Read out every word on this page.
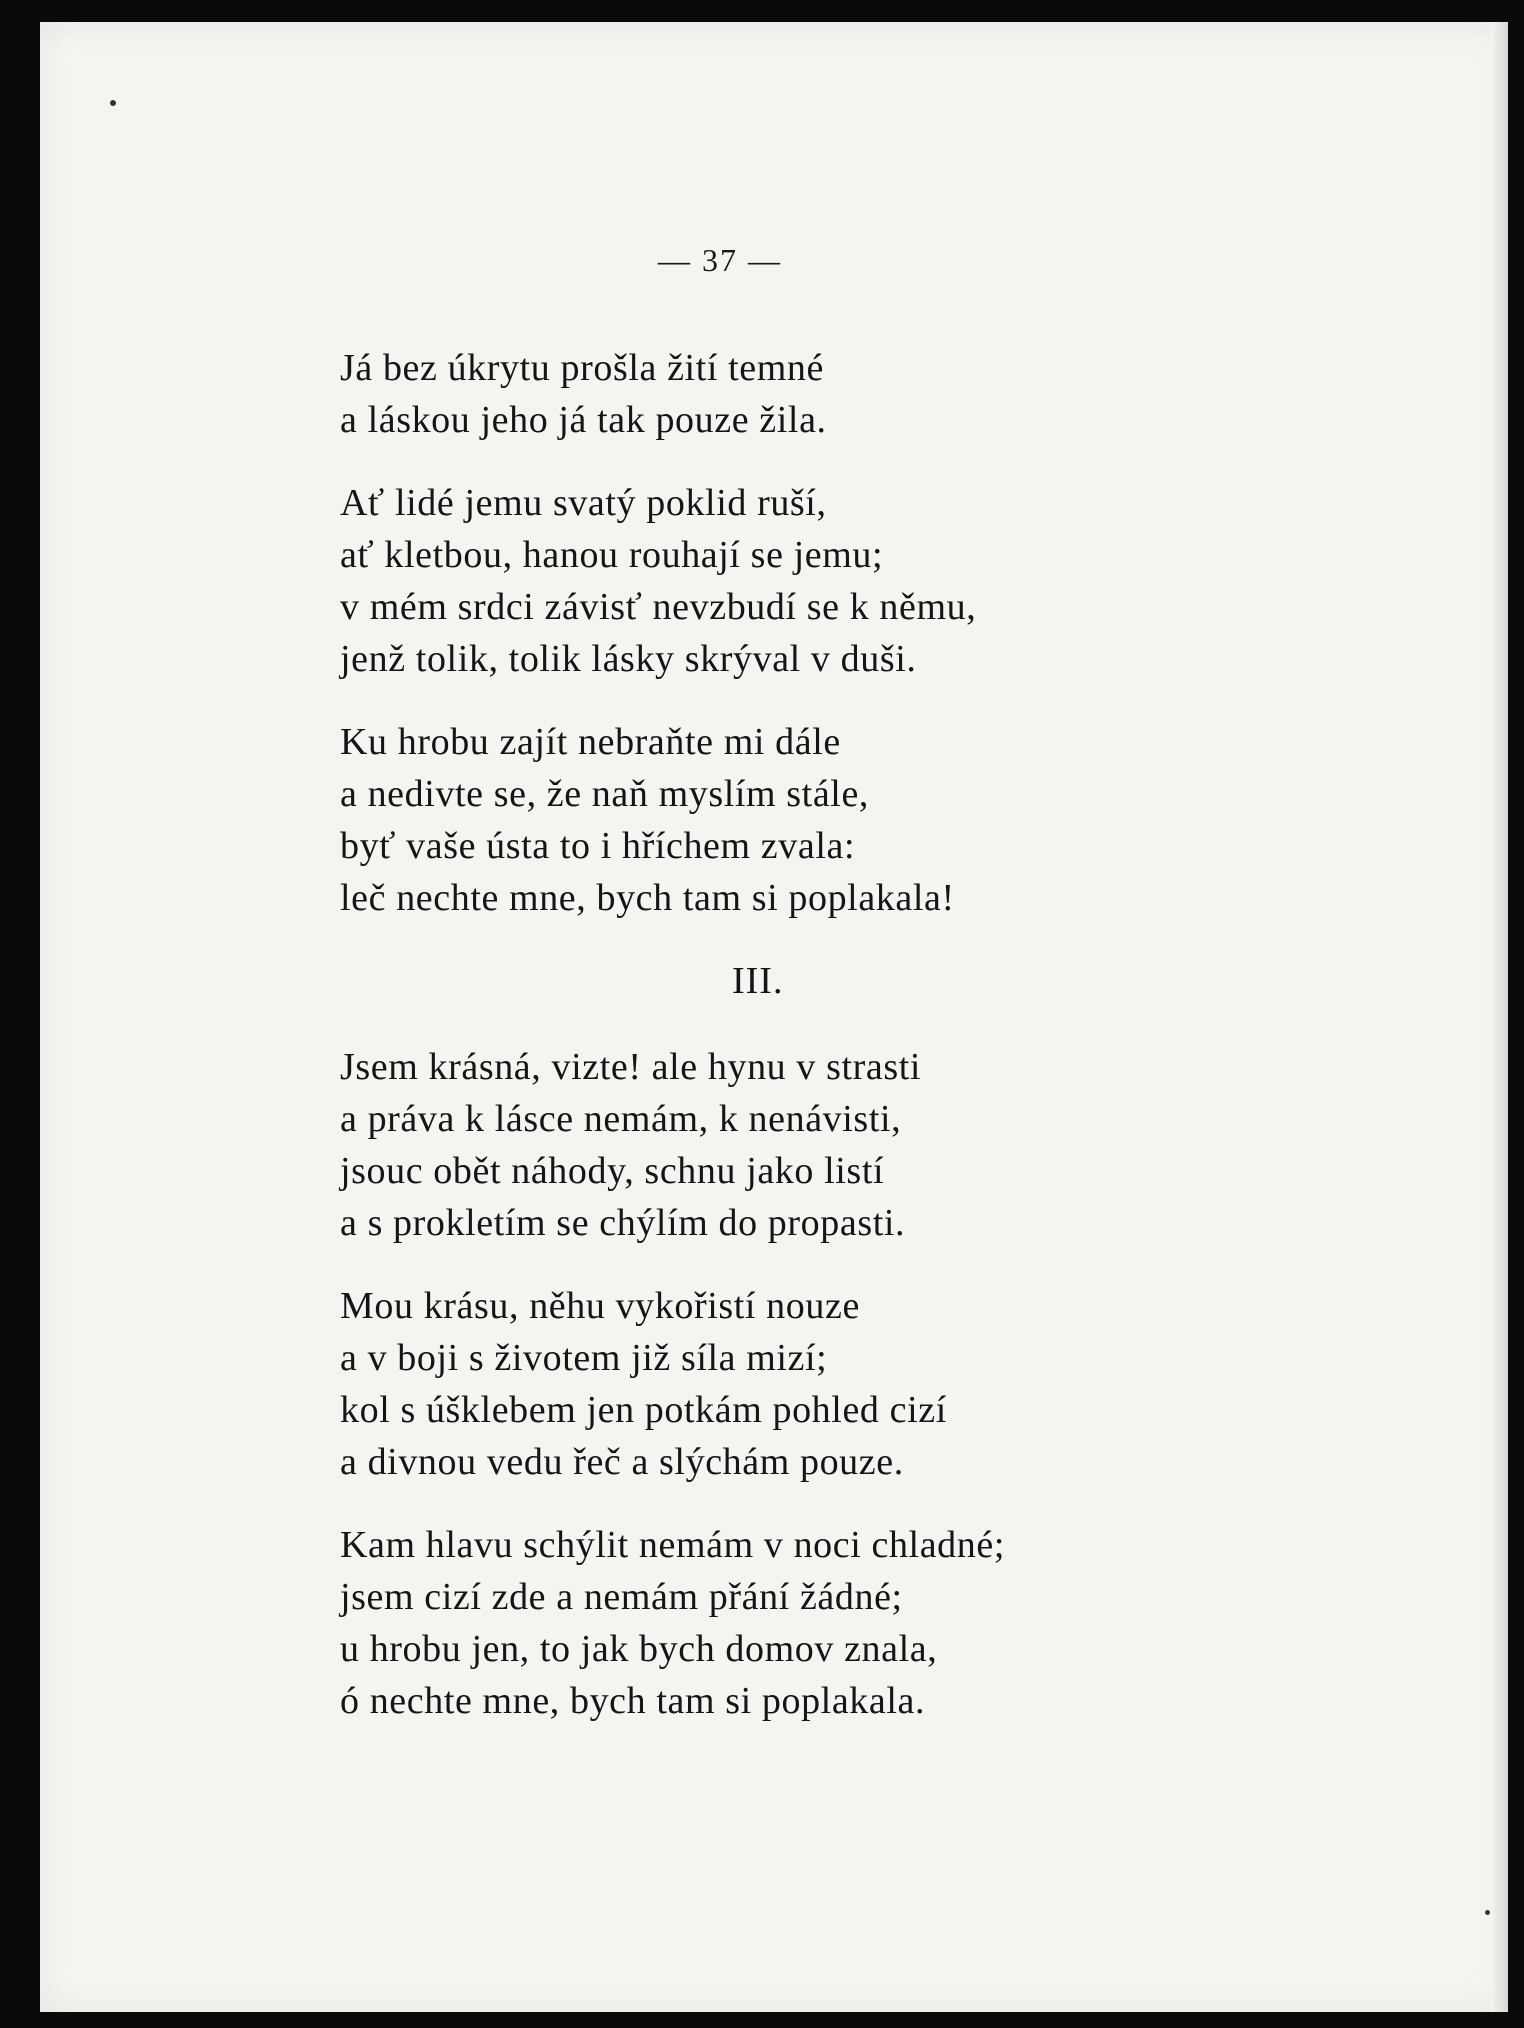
— 37 —
Já bez úkrytu prošla žití temné
a láskou jeho já tak pouze žila.
Ať lidé jemu svatý poklid ruší,
ať kletbou, hanou rouhají se jemu;
v mém srdci závisť nevzbudí se k němu,
jenž tolik, tolik lásky skrýval v duši.
Ku hrobu zajít nebraňte mi dále
a nedivte se, že naň myslím stále,
byť vaše ústa to i hříchem zvala:
leč nechte mne, bych tam si poplakala!
III.
Jsem krásná, vizte! ale hynu v strasti
a práva k lásce nemám, k nenávisti,
jsouc obět náhody, schnu jako listí
a s prokletím se chýlím do propasti.
Mou krásu, něhu vykořistí nouze
a v boji s životem již síla mizí;
kol s úšklebem jen potkám pohled cizí
a divnou vedu řeč a slýchám pouze.
Kam hlavu schýlit nemám v noci chladné;
jsem cizí zde a nemám přání žádné;
u hrobu jen, to jak bych domov znala,
ó nechte mne, bych tam si poplakala.
